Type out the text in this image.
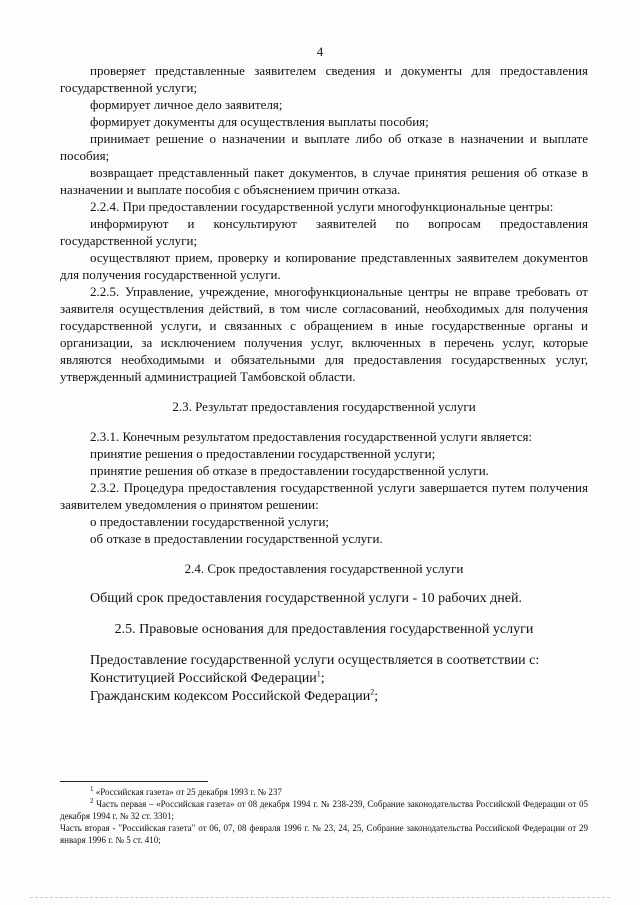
4

проверяет представленные заявителем сведения и документы для предоставления государственной услуги;

формирует личное дело заявителя;

формирует документы для осуществления выплаты пособия;

принимает решение о назначении и выплате либо об отказе в назначении и выплате пособия;

возвращает представленный пакет документов, в случае принятия решения об отказе в назначении и выплате пособия с объяснением причин отказа.

2.2.4. При предоставлении государственной услуги многофункциональные центры:

информируют и консультируют заявителей по вопросам предоставления государственной услуги;

осуществляют прием, проверку и копирование представленных заявителем документов для получения государственной услуги.

2.2.5. Управление, учреждение, многофункциональные центры не вправе требовать от заявителя осуществления действий, в том числе согласований, необходимых для получения государственной услуги, и связанных с обращением в иные государственные органы и организации, за исключением получения услуг, включенных в перечень услуг, которые являются необходимыми и обязательными для предоставления государственных услуг, утвержденный администрацией Тамбовской области.

2.3. Результат предоставления государственной услуги

2.3.1. Конечным результатом предоставления государственной услуги является:

принятие решения о предоставлении государственной услуги;

принятие решения об отказе в предоставлении государственной услуги.

2.3.2. Процедура предоставления государственной услуги завершается путем получения заявителем уведомления о принятом решении:

о предоставлении государственной услуги;

об отказе в предоставлении государственной услуги.

2.4. Срок предоставления государственной услуги

Общий срок предоставления государственной услуги - 10 рабочих дней.

2.5. Правовые основания для предоставления государственной услуги

Предоставление государственной услуги осуществляется в соответствии с:

Конституцией Российской Федерации$^1$;

Гражданским кодексом Российской Федерации$^2$;

$^1$ «Российская газета» от 25 декабря 1993 г. № 237

$^2$ Часть первая – «Российская газета» от 08 декабря 1994 г. № 238-239, Собрание законодательства Российской Федерации от 05 декабря 1994 г. № 32 ст. 3301;

Часть вторая - "Российская газета" от 06, 07, 08 февраля 1996 г. № 23, 24, 25, Собрание законодательства Российской Федерации от 29 января 1996 г. № 5 ст. 410;
